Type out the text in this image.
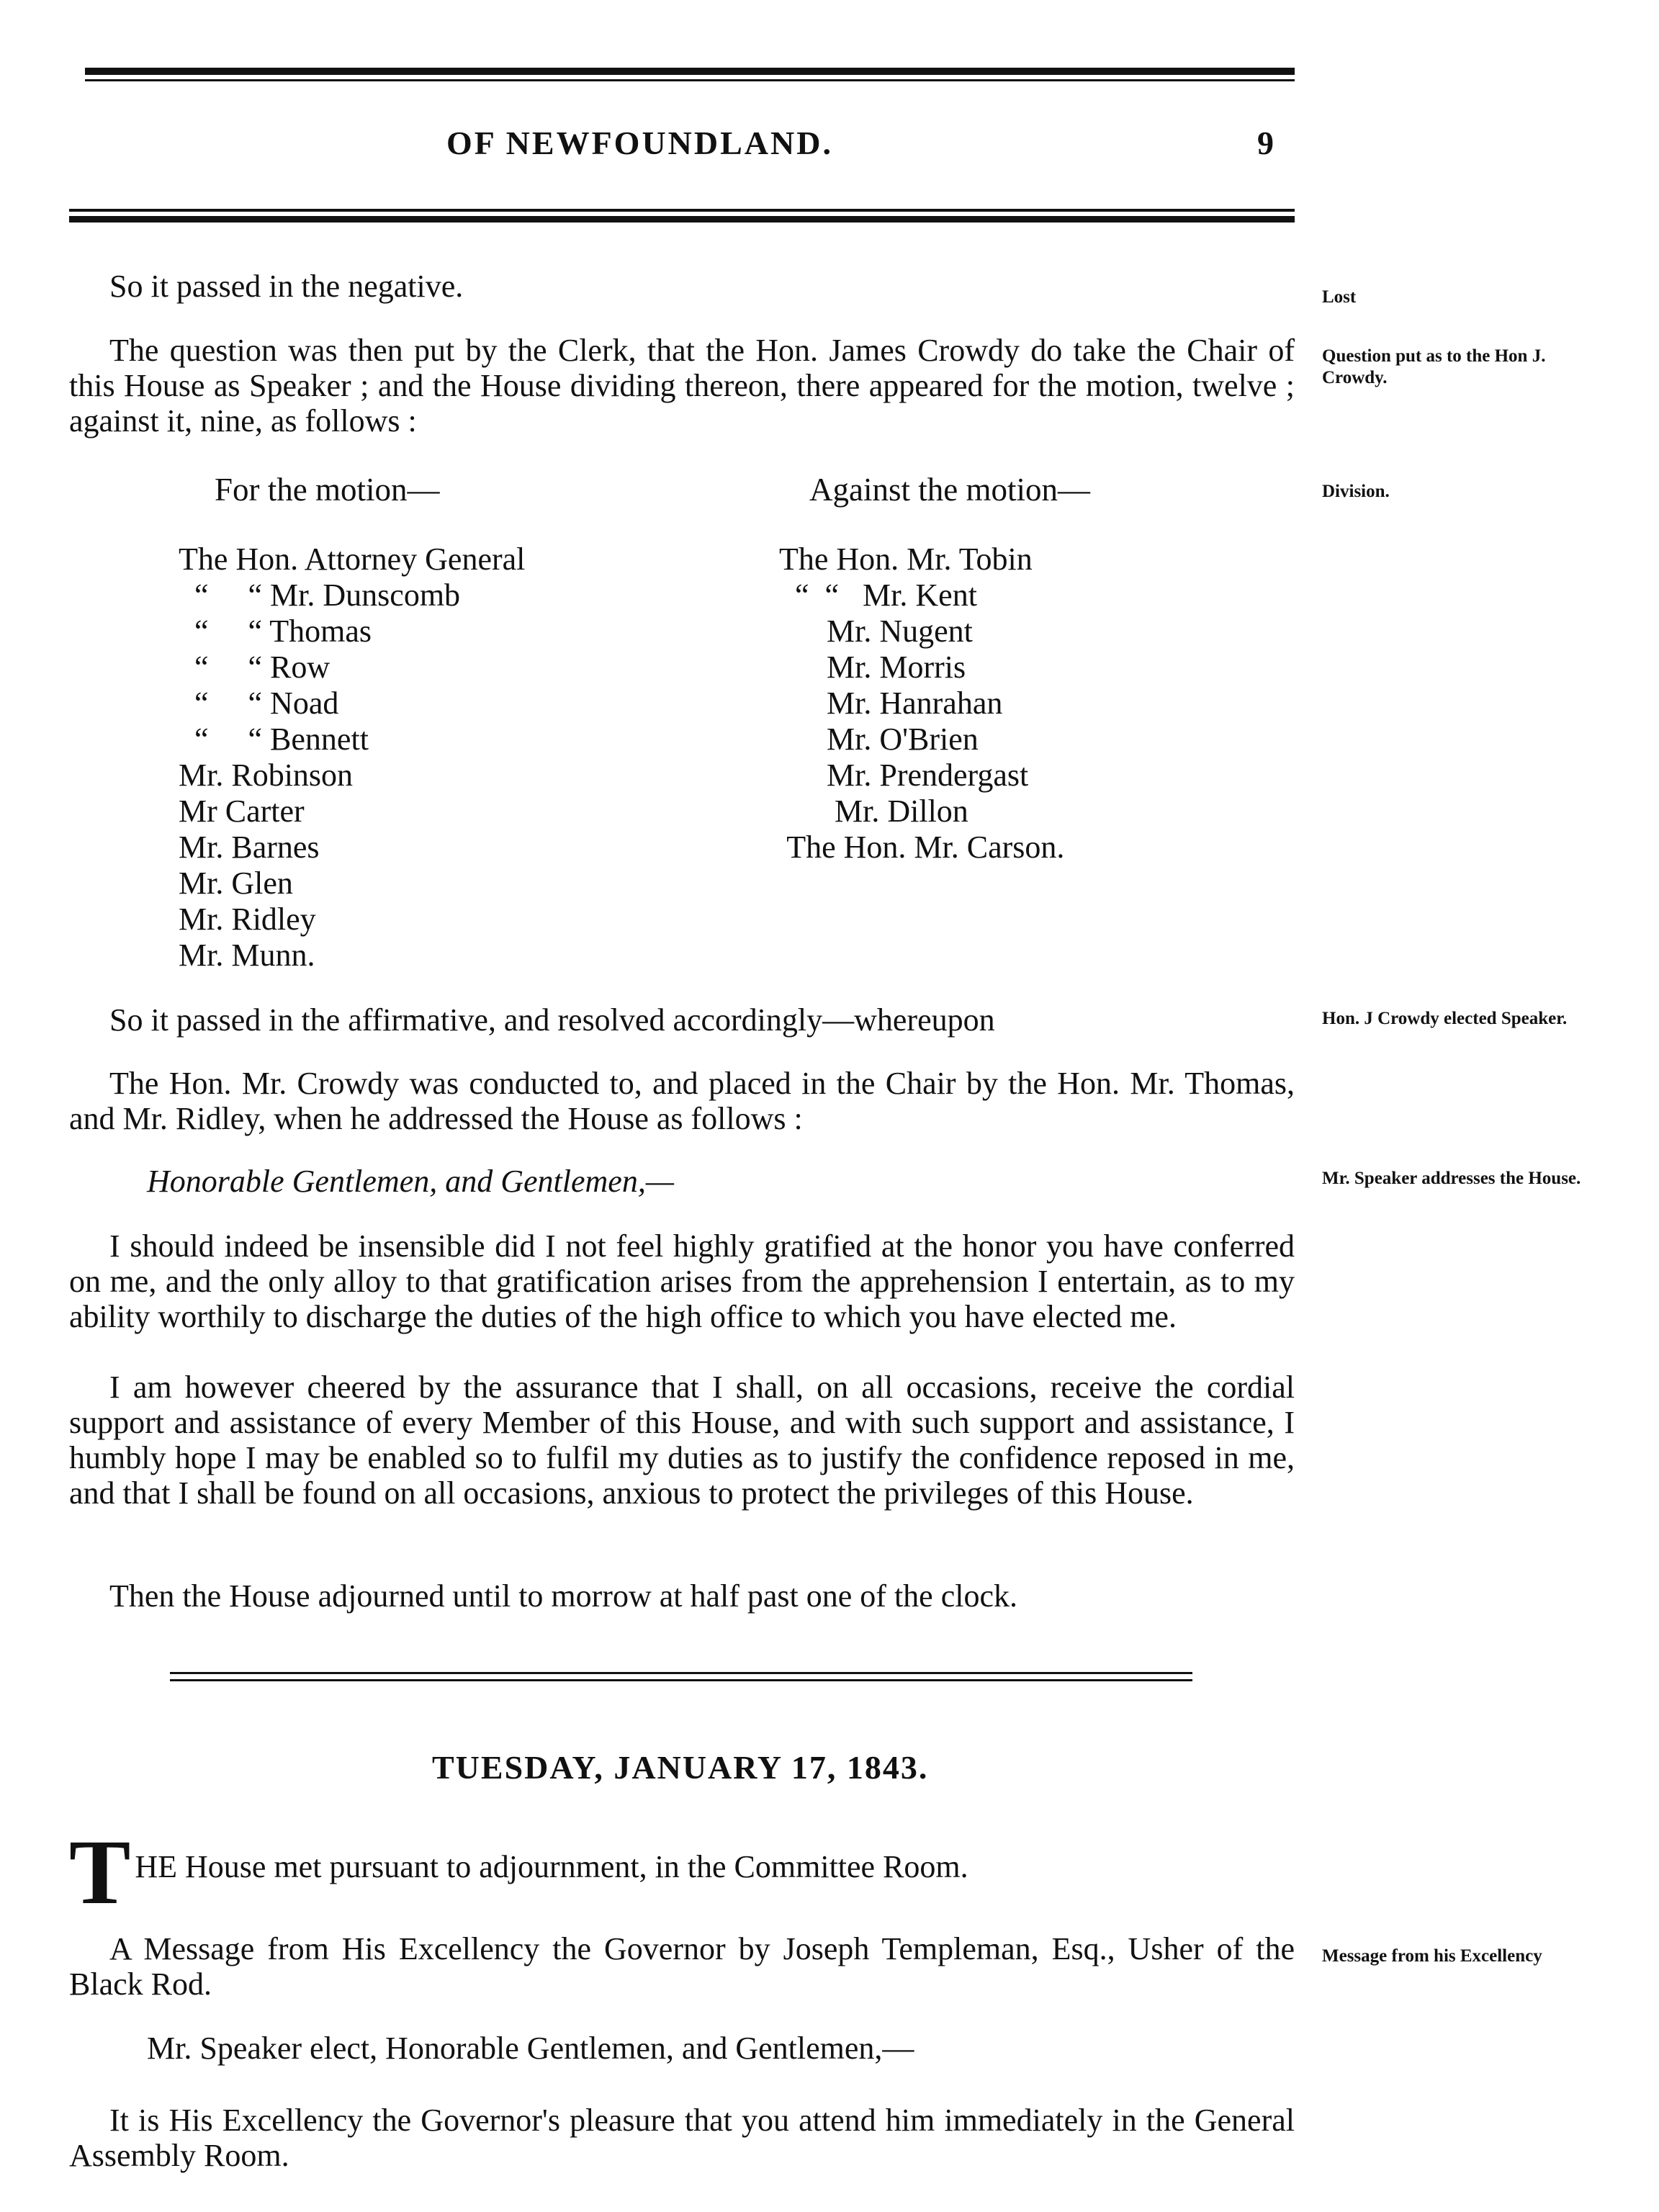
OF NEWFOUNDLAND.	9

So it passed in the negative.

The question was then put by the Clerk, that the Hon. James Crowdy do take the Chair of this House as Speaker ; and the House dividing thereon, there appeared for the motion, twelve ; against it, nine, as follows :

For the motion—	Against the motion—

The Hon. Attorney General
“     “ Mr. Dunscomb
“     “ Thomas
“     “ Row
“     “ Noad
“     “ Bennett
Mr. Robinson
Mr Carter
Mr. Barnes
Mr. Glen
Mr. Ridley
Mr. Munn.
The Hon. Mr. Tobin
“  “   Mr. Kent
Mr. Nugent
Mr. Morris
Mr. Hanrahan
Mr. O'Brien
Mr. Prendergast
Mr. Dillon
The Hon. Mr. Carson.

So it passed in the affirmative, and resolved accordingly—whereupon

The Hon. Mr. Crowdy was conducted to, and placed in the Chair by the Hon. Mr. Thomas, and Mr. Ridley, when he addressed the House as follows :

Honorable Gentlemen, and Gentlemen,—

I should indeed be insensible did I not feel highly gratified at the honor you have conferred on me, and the only alloy to that gratification arises from the apprehension I entertain, as to my ability worthily to discharge the duties of the high office to which you have elected me.

I am however cheered by the assurance that I shall, on all occasions, receive the cordial support and assistance of every Member of this House, and with such support and assistance, I humbly hope I may be enabled so to fulfil my duties as to justify the confidence reposed in me, and that I shall be found on all occasions, anxious to protect the privileges of this House.

Then the House adjourned until to morrow at half past one of the clock.

TUESDAY, JANUARY 17, 1843.

THE House met pursuant to adjournment, in the Committee Room.

A Message from His Excellency the Governor by Joseph Templeman, Esq., Usher of the Black Rod.

Mr. Speaker elect, Honorable Gentlemen, and Gentlemen,—

It is His Excellency the Governor's pleasure that you attend him immediately in the General Assembly Room.

Lost

Question put as to the Hon J. Crowdy.

Division.

Hon. J Crowdy elected Speaker.

Mr. Speaker addresses the House.

Message from his Excellency
